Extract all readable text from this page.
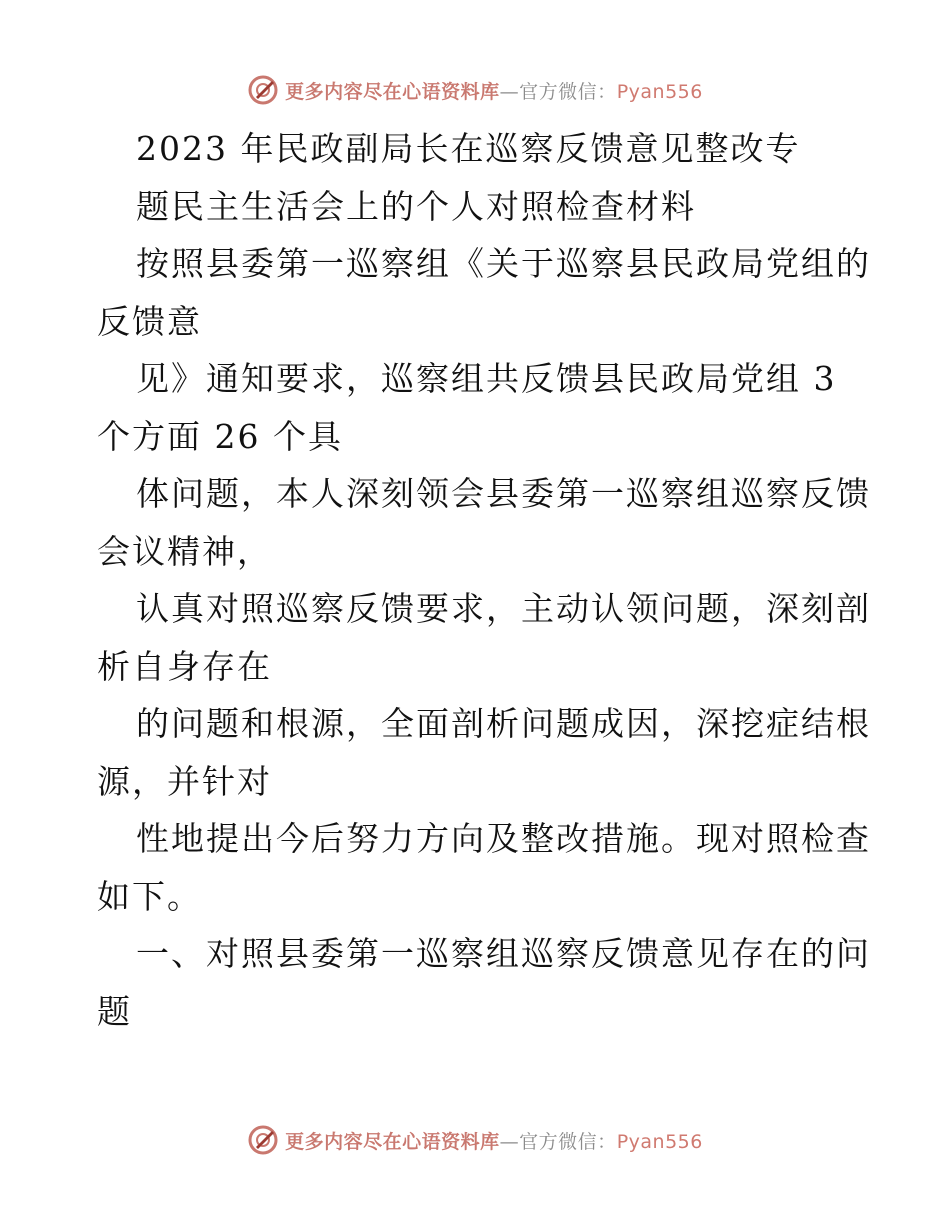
更多内容尽在心语资料库—官方微信：Pyan556
2023 年民政副局长在巡察反馈意见整改专
题民主生活会上的个人对照检查材料
按照县委第一巡察组《关于巡察县民政局党组的
反馈意
见》通知要求，巡察组共反馈县民政局党组 3
个方面 26 个具
体问题，本人深刻领会县委第一巡察组巡察反馈
会议精神，
认真对照巡察反馈要求，主动认领问题，深刻剖
析自身存在
的问题和根源，全面剖析问题成因，深挖症结根
源，并针对
性地提出今后努力方向及整改措施。现对照检查
如下。
一、对照县委第一巡察组巡察反馈意见存在的问
题
更多内容尽在心语资料库—官方微信：Pyan556
